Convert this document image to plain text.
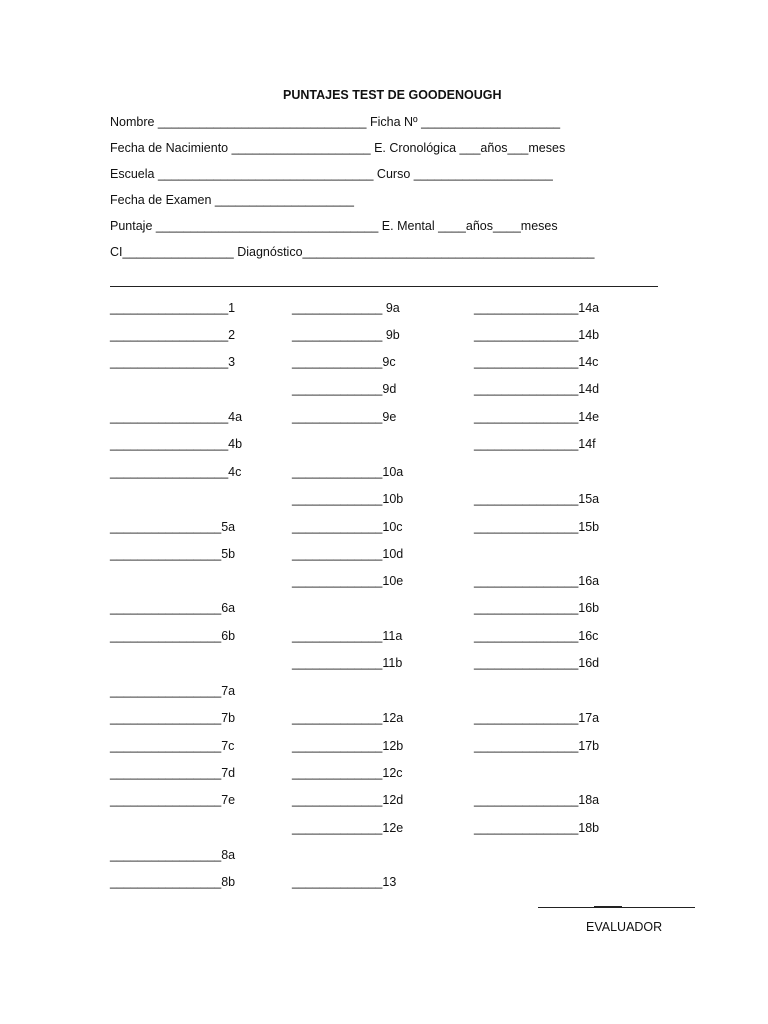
PUNTAJES TEST DE GOODENOUGH
Nombre ______________________________ Ficha Nº ____________________
Fecha de Nacimiento ____________________ E. Cronológica ___años___meses
Escuela _______________________________ Curso ____________________
Fecha de Examen ____________________
Puntaje ________________________________ E. Mental ____años____meses
CI________________ Diagnóstico__________________________________________
_________________1
_________________2
_________________3
_________________4a
_________________4b
_________________4c
________________5a
________________5b
________________6a
________________6b
________________7a
________________7b
________________7c
________________7d
________________7e
________________8a
________________8b
_____________ 9a
_____________ 9b
_____________9c
_____________9d
_____________9e
_____________10a
_____________10b
_____________10c
_____________10d
_____________10e
_____________11a
_____________11b
_____________12a
_____________12b
_____________12c
_____________12d
_____________12e
_____________13
_______________14a
_______________14b
_______________14c
_______________14d
_______________14e
_______________14f
_______________15a
_______________15b
_______________16a
_______________16b
_______________16c
_______________16d
_______________17a
_______________17b
_______________18a
_______________18b
EVALUADOR
